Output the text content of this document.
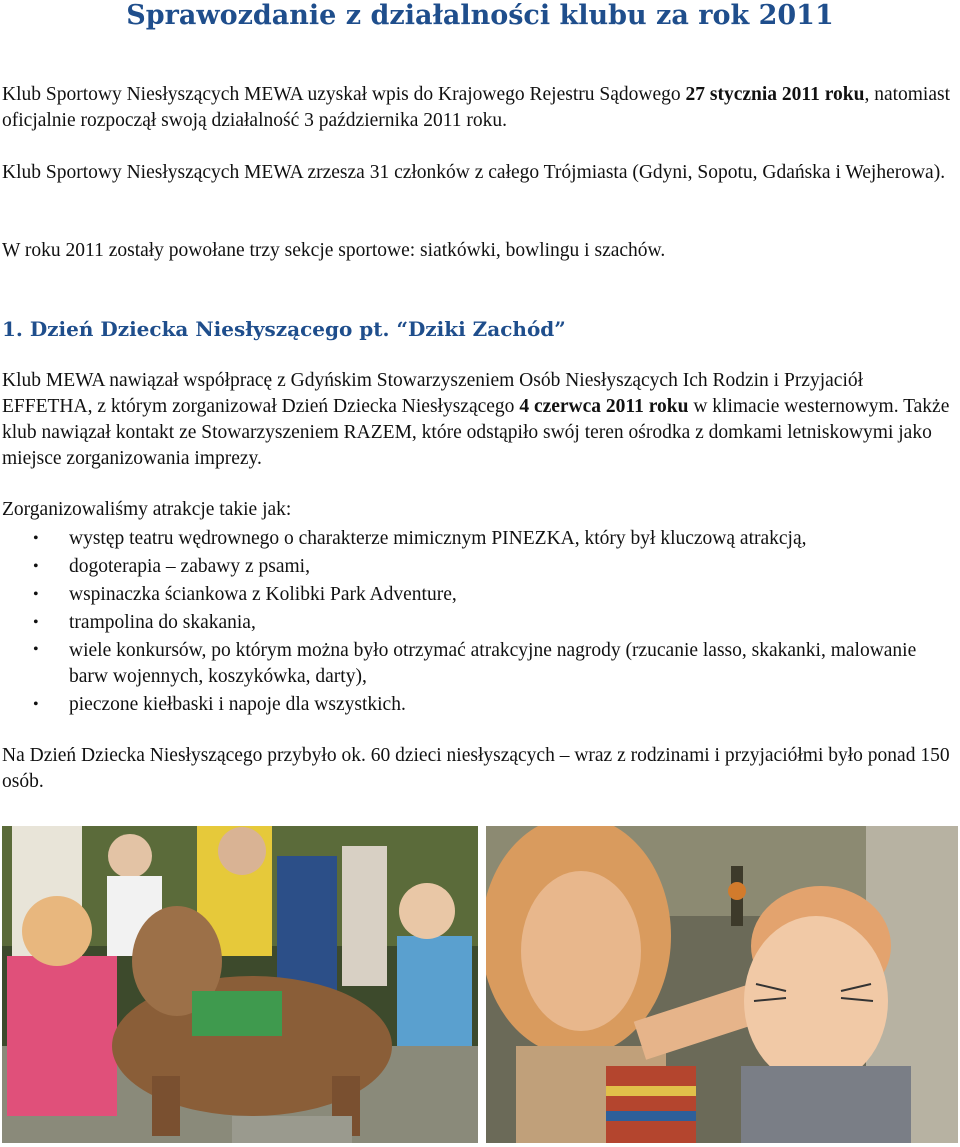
Sprawozdanie z działalności klubu za rok 2011

Klub Sportowy Niesłyszących MEWA uzyskał wpis do Krajowego Rejestru Sądowego 27 stycznia 2011 roku, natomiast oficjalnie rozpoczął swoją działalność 3 października 2011 roku.

Klub Sportowy Niesłyszących MEWA zrzesza 31 członków z całego Trójmiasta (Gdyni, Sopotu, Gdańska i Wejherowa).

W roku 2011 zostały powołane trzy sekcje sportowe: siatkówki, bowlingu i szachów.

1. Dzień Dziecka Niesłyszącego pt. “Dziki Zachód”

Klub MEWA nawiązał współpracę z Gdyńskim Stowarzyszeniem Osób Niesłyszących Ich Rodzin i Przyjaciół EFFETHA, z którym zorganizował Dzień Dziecka Niesłyszącego 4 czerwca 2011 roku w klimacie westernowym. Także klub nawiązał kontakt ze Stowarzyszeniem RAZEM, które odstąpiło swój teren ośrodka z domkami letniskowymi jako miejsce zorganizowania imprezy.

Zorganizowaliśmy atrakcje takie jak:

• występ teatru wędrownego o charakterze mimicznym PINEZKA, który był kluczową atrakcją,
• dogoterapia – zabawy z psami,
• wspinaczka ściankowa z Kolibki Park Adventure,
• trampolina do skakania,
• wiele konkursów, po którym można było otrzymać atrakcyjne nagrody (rzucanie lasso, skakanki, malowanie barw wojennych, koszykówka, darty),
• pieczone kiełbaski i napoje dla wszystkich.

Na Dzień Dziecka Niesłyszącego przybyło ok. 60 dzieci niesłyszących – wraz z rodzinami i przyjaciółmi było ponad 150 osób.
